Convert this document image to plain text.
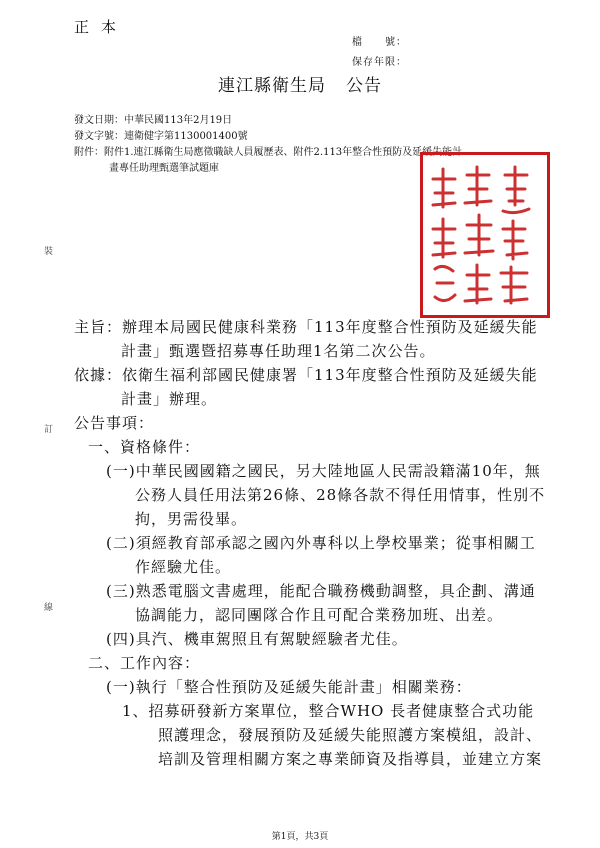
正本
檔　　號：
保存年限：
連江縣衛生局 公告
發文日期：中華民國113年2月19日
發文字號：連衛健字第1130001400號
附件：附件1.連江縣衛生局應徵職缺人員履歷表、附件2.113年整合性預防及延緩失能計
畫專任助理甄選筆試題庫
裝
訂
線
主旨：辦理本局國民健康科業務「113年度整合性預防及延緩失能
計畫」甄選暨招募專任助理1名第二次公告。
依據：依衛生福利部國民健康署「113年度整合性預防及延緩失能
計畫」辦理。
公告事項：
一、資格條件：
(一)中華民國國籍之國民，另大陸地區人民需設籍滿10年，無
公務人員任用法第26條、28條各款不得任用情事，性別不
拘，男需役畢。
(二)須經教育部承認之國內外專科以上學校畢業；從事相關工
作經驗尤佳。
(三)熟悉電腦文書處理，能配合職務機動調整，具企劃、溝通
協調能力，認同團隊合作且可配合業務加班、出差。
(四)具汽、機車駕照且有駕駛經驗者尤佳。
二、工作內容：
(一)執行「整合性預防及延緩失能計畫」相關業務：
1、招募研發新方案單位，整合WHO 長者健康整合式功能
照護理念，發展預防及延緩失能照護方案模組，設計、
培訓及管理相關方案之專業師資及指導員，並建立方案
第1頁，共3頁
